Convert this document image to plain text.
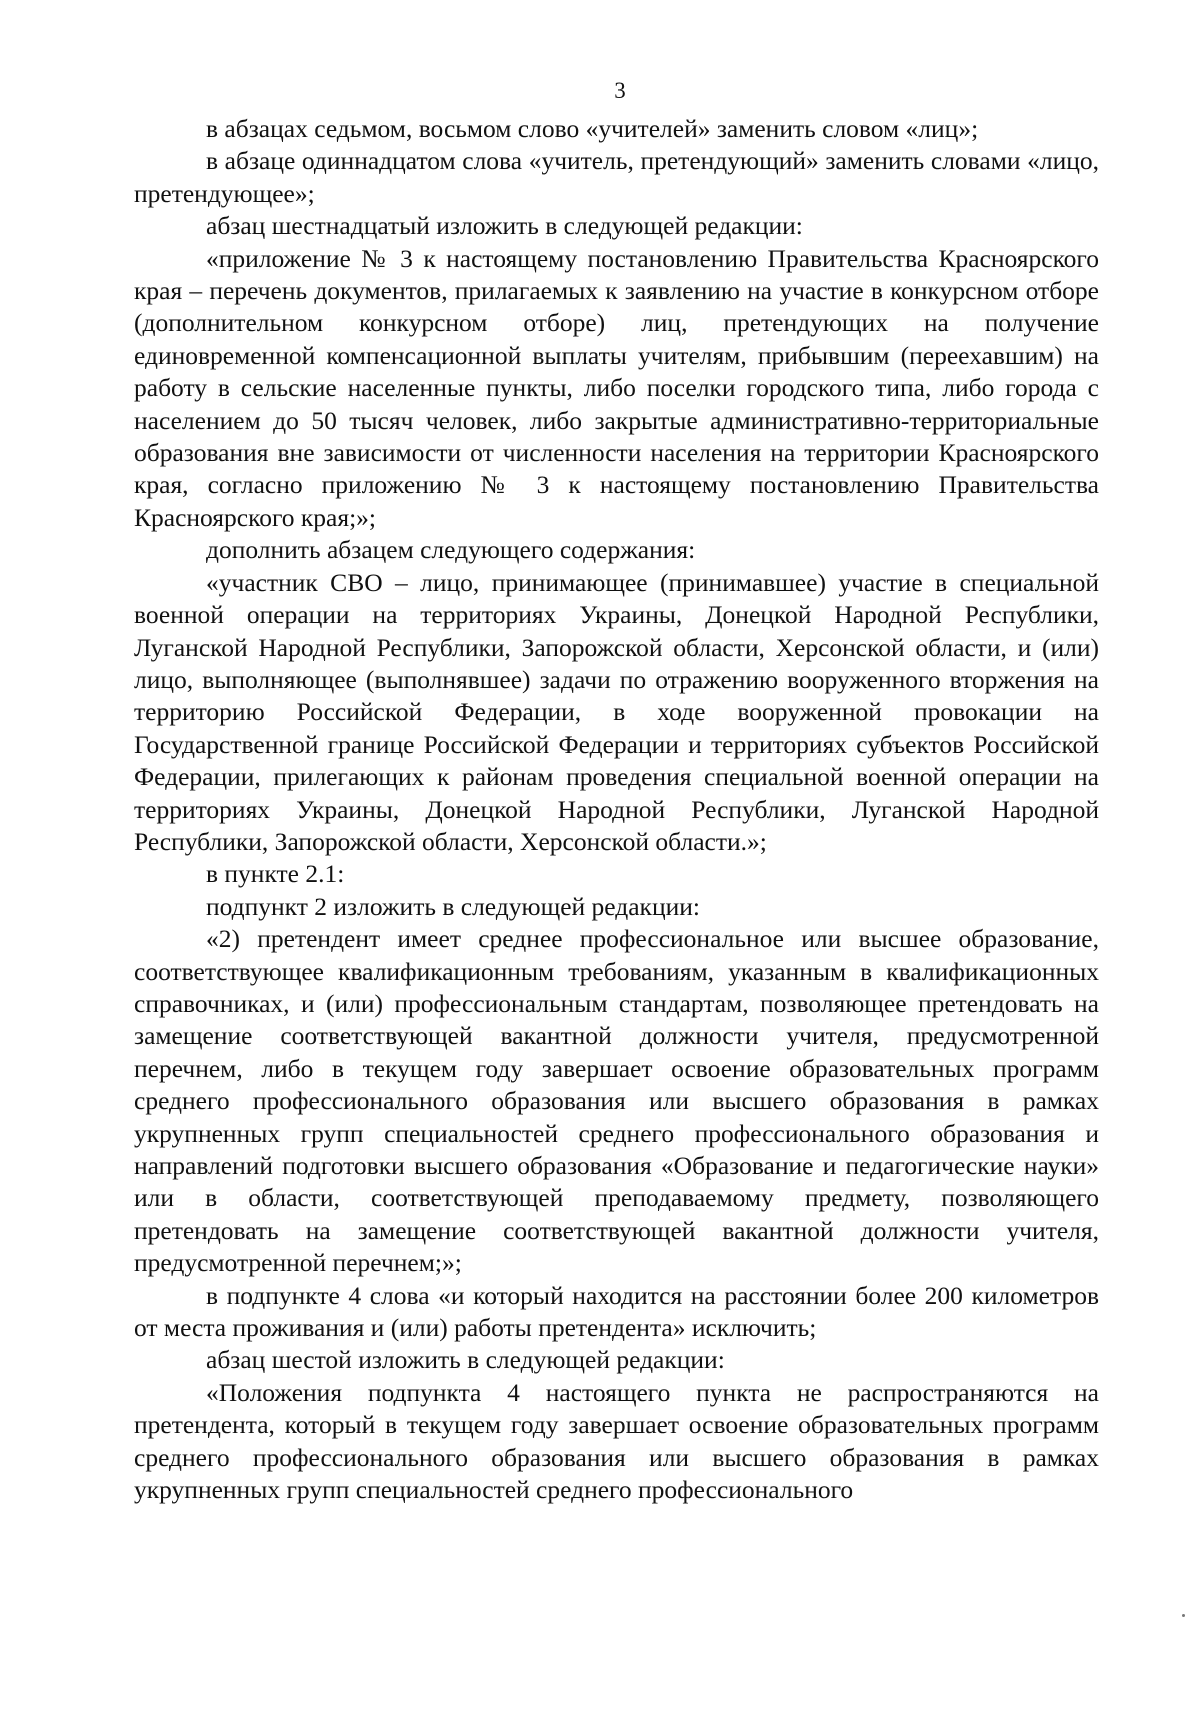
3

в абзацах седьмом, восьмом слово «учителей» заменить словом «лиц»;

в абзаце одиннадцатом слова «учитель, претендующий» заменить словами «лицо, претендующее»;

абзац шестнадцатый изложить в следующей редакции:

«приложение № 3 к настоящему постановлению Правительства Красноярского края – перечень документов, прилагаемых к заявлению на участие в конкурсном отборе (дополнительном конкурсном отборе) лиц, претендующих на получение единовременной компенсационной выплаты учителям, прибывшим (переехавшим) на работу в сельские населенные пункты, либо поселки городского типа, либо города с населением до 50 тысяч человек, либо закрытые административно-территориальные образования вне зависимости от численности населения на территории Красноярского края, согласно приложению № 3 к настоящему постановлению Правительства Красноярского края;»;

дополнить абзацем следующего содержания:

«участник СВО – лицо, принимающее (принимавшее) участие в специальной военной операции на территориях Украины, Донецкой Народной Республики, Луганской Народной Республики, Запорожской области, Херсонской области, и (или) лицо, выполняющее (выполнявшее) задачи по отражению вооруженного вторжения на территорию Российской Федерации, в ходе вооруженной провокации на Государственной границе Российской Федерации и территориях субъектов Российской Федерации, прилегающих к районам проведения специальной военной операции на территориях Украины, Донецкой Народной Республики, Луганской Народной Республики, Запорожской области, Херсонской области.»;

в пункте 2.1:

подпункт 2 изложить в следующей редакции:

«2) претендент имеет среднее профессиональное или высшее образование, соответствующее квалификационным требованиям, указанным в квалификационных справочниках, и (или) профессиональным стандартам, позволяющее претендовать на замещение соответствующей вакантной должности учителя, предусмотренной перечнем, либо в текущем году завершает освоение образовательных программ среднего профессионального образования или высшего образования в рамках укрупненных групп специальностей среднего профессионального образования и направлений подготовки высшего образования «Образование и педагогические науки» или в области, соответствующей преподаваемому предмету, позволяющего претендовать на замещение соответствующей вакантной должности учителя, предусмотренной перечнем;»;

в подпункте 4 слова «и который находится на расстоянии более 200 километров от места проживания и (или) работы претендента» исключить;

абзац шестой изложить в следующей редакции:

«Положения подпункта 4 настоящего пункта не распространяются на претендента, который в текущем году завершает освоение образовательных программ среднего профессионального образования или высшего образования в рамках укрупненных групп специальностей среднего профессионального
